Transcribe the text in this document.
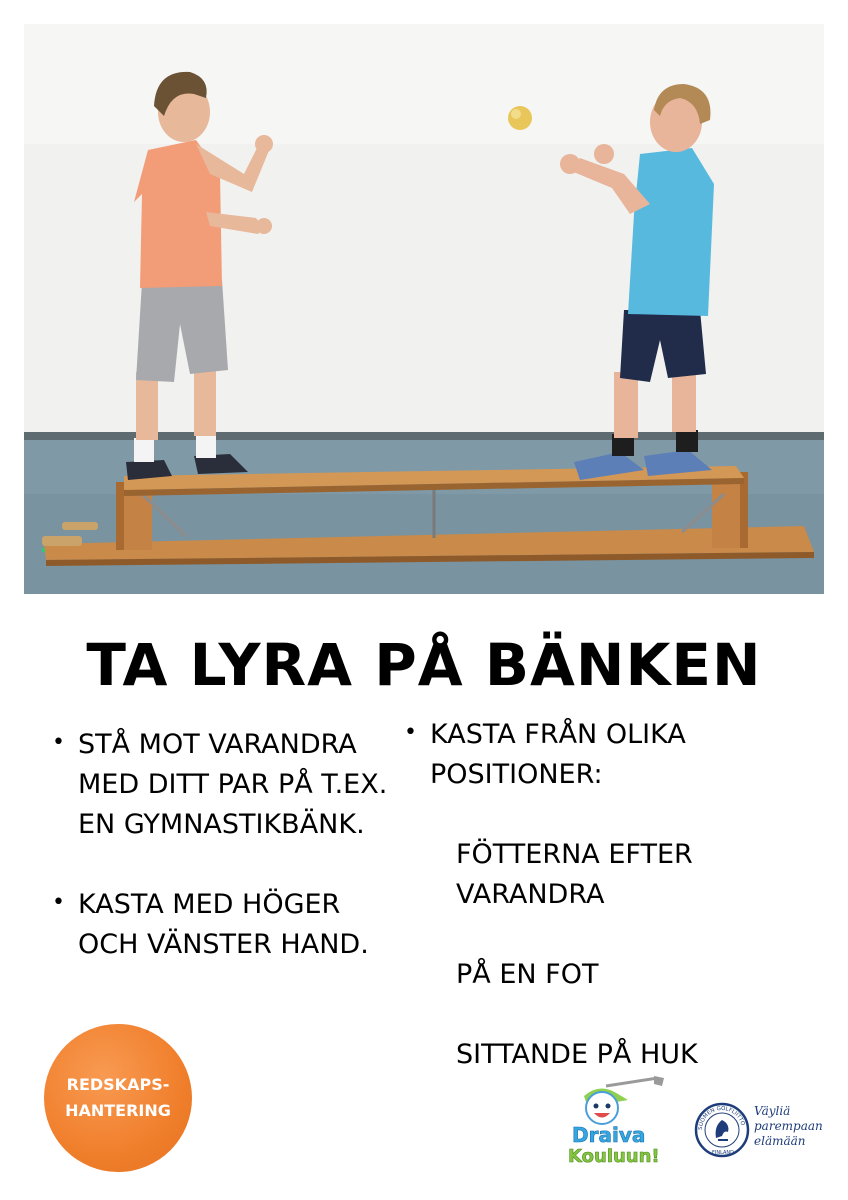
TA LYRA PÅ BÄNKEN
• STÅ MOT VARANDRA MED DITT PAR PÅ T.EX. EN GYMNASTIKBÄNK.
• KASTA MED HÖGER OCH VÄNSTER HAND.
• KASTA FRÅN OLIKA POSITIONER:
FÖTTERNA EFTER VARANDRA
PÅ EN FOT
SITTANDE PÅ HUK
REDSKAPS-
HANTERING
Draiva
Kouluun!
SUOMEN GOLFLIITTO
FINLAND
Väyliä
parempaan
elämään
